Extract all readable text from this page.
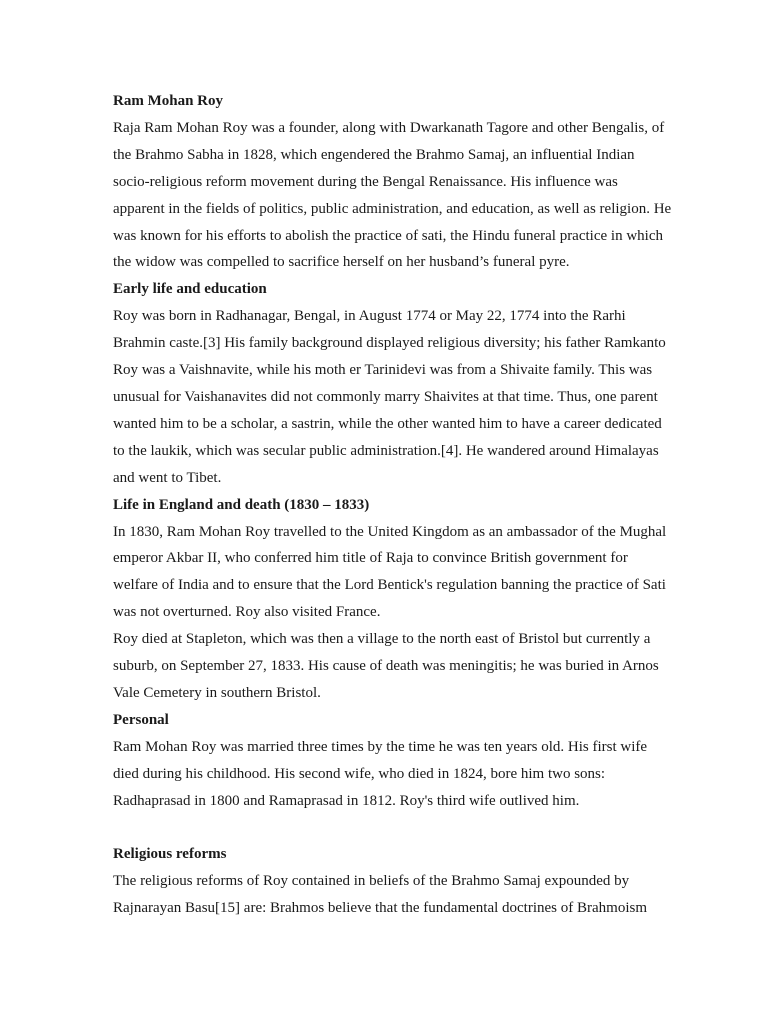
Ram Mohan Roy

Raja Ram Mohan Roy was a founder, along with Dwarkanath Tagore and other Bengalis, of the Brahmo Sabha in 1828, which engendered the Brahmo Samaj, an influential Indian socio-religious reform movement during the Bengal Renaissance. His influence was apparent in the fields of politics, public administration, and education, as well as religion. He was known for his efforts to abolish the practice of sati, the Hindu funeral practice in which the widow was compelled to sacrifice herself on her husband’s funeral pyre.

Early life and education

Roy was born in Radhanagar, Bengal, in August 1774 or May 22, 1774 into the Rarhi Brahmin caste.[3] His family background displayed religious diversity; his father Ramkanto Roy was a Vaishnavite, while his moth er Tarinidevi was from a Shivaite family. This was unusual for Vaishanavites did not commonly marry Shaivites at that time. Thus, one parent wanted him to be a scholar, a sastrin, while the other wanted him to have a career dedicated to the laukik, which was secular public administration.[4]. He wandered around Himalayas and went to Tibet.

Life in England and death (1830 – 1833)

In 1830, Ram Mohan Roy travelled to the United Kingdom as an ambassador of the Mughal emperor Akbar II, who conferred him title of Raja to convince British government for welfare of India and to ensure that the Lord Bentick's regulation banning the practice of Sati was not overturned. Roy also visited France.

Roy died at Stapleton, which was then a village to the north east of Bristol but currently a suburb, on September 27, 1833. His cause of death was meningitis; he was buried in Arnos Vale Cemetery in southern Bristol.

Personal

Ram Mohan Roy was married three times by the time he was ten years old. His first wife died during his childhood. His second wife, who died in 1824, bore him two sons: Radhaprasad in 1800 and Ramaprasad in 1812. Roy's third wife outlived him.

Religious reforms

The religious reforms of Roy contained in beliefs of the Brahmo Samaj expounded by Rajnarayan Basu[15] are: Brahmos believe that the fundamental doctrines of Brahmoism
